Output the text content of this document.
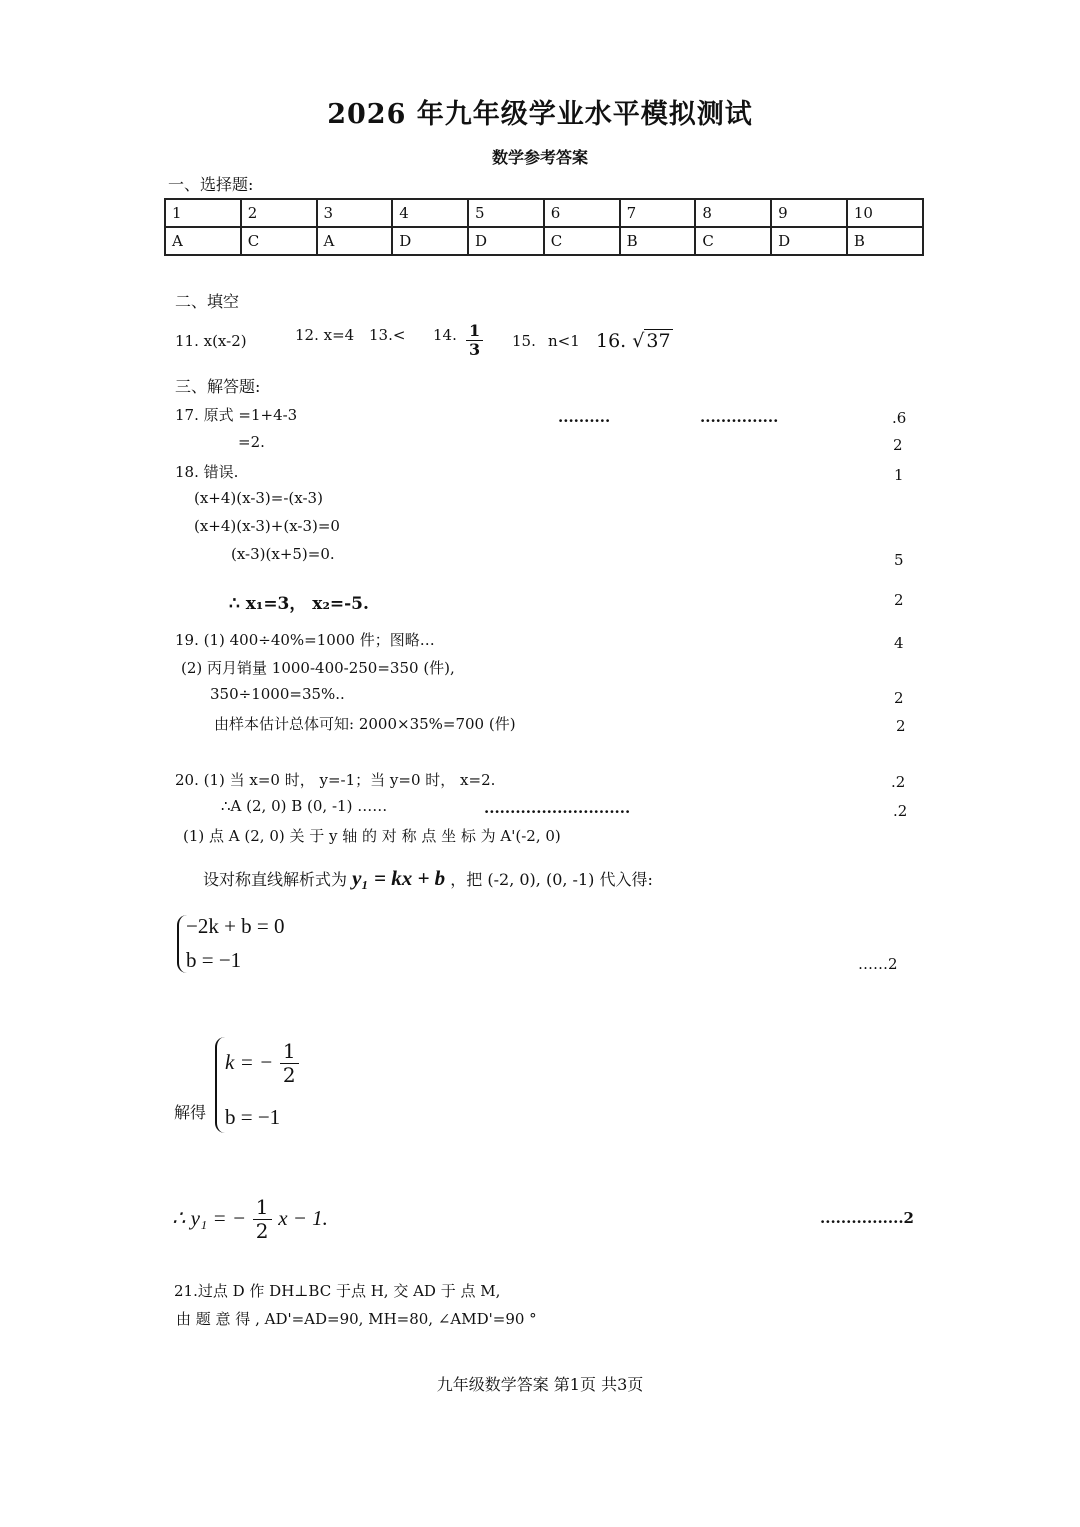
2026 年九年级学业水平模拟测试
数学参考答案
一、选择题:
1	2	3	4	5	6	7	8	9	10
A	C	A	D	D	C	B	C	D	B
二、填空
11. x(x-2)	12. x=4 13.< 14. $\frac{1}{3} 15$. n<1 16. √ 37
三、解答题:
17. 原式 =1+4-3
=2.
..........	...............	.6
2
18. 错误.	1
(x+4)(x-3)=-(x-3)
(x+4)(x-3)+(x-3)=0
(x-3)(x+5)=0.	5
∴ x₁=3， x₂=-5.	2
19. (1) 400÷40%=1000 件；图略…	4
(2) 丙月销量 1000-400-250=350 (件),
350÷1000=35%..	2
由样本估计总体可知: 2000×35%=700 (件)	2
20. (1) 当 x=0 时， y=-1；当 y=0 时， x=2.	.2
∴A (2, 0) B (0, -1) ……	............................	.2
(1) 点 A (2, 0) 关 于 y 轴 的 对 称 点 坐 标 为 A'(-2, 0)
设对称直线解析式为 y₁ = kx + b ，把 (-2, 0), (0, -1) 代入得:
−2k + b = 0
b = −1	……2
解得
k = − $\frac{1}{2}$
b = −1
∴ y₁ = − $\frac{1}{2}$ x − 1.	................2
21.过点 D 作 DH⊥BC 于点 H, 交 AD 于 点 M,
由 题 意 得 , AD'=AD=90, MH=80, ∠AMD'=90 °
九年级数学答案 第1页 共3页
